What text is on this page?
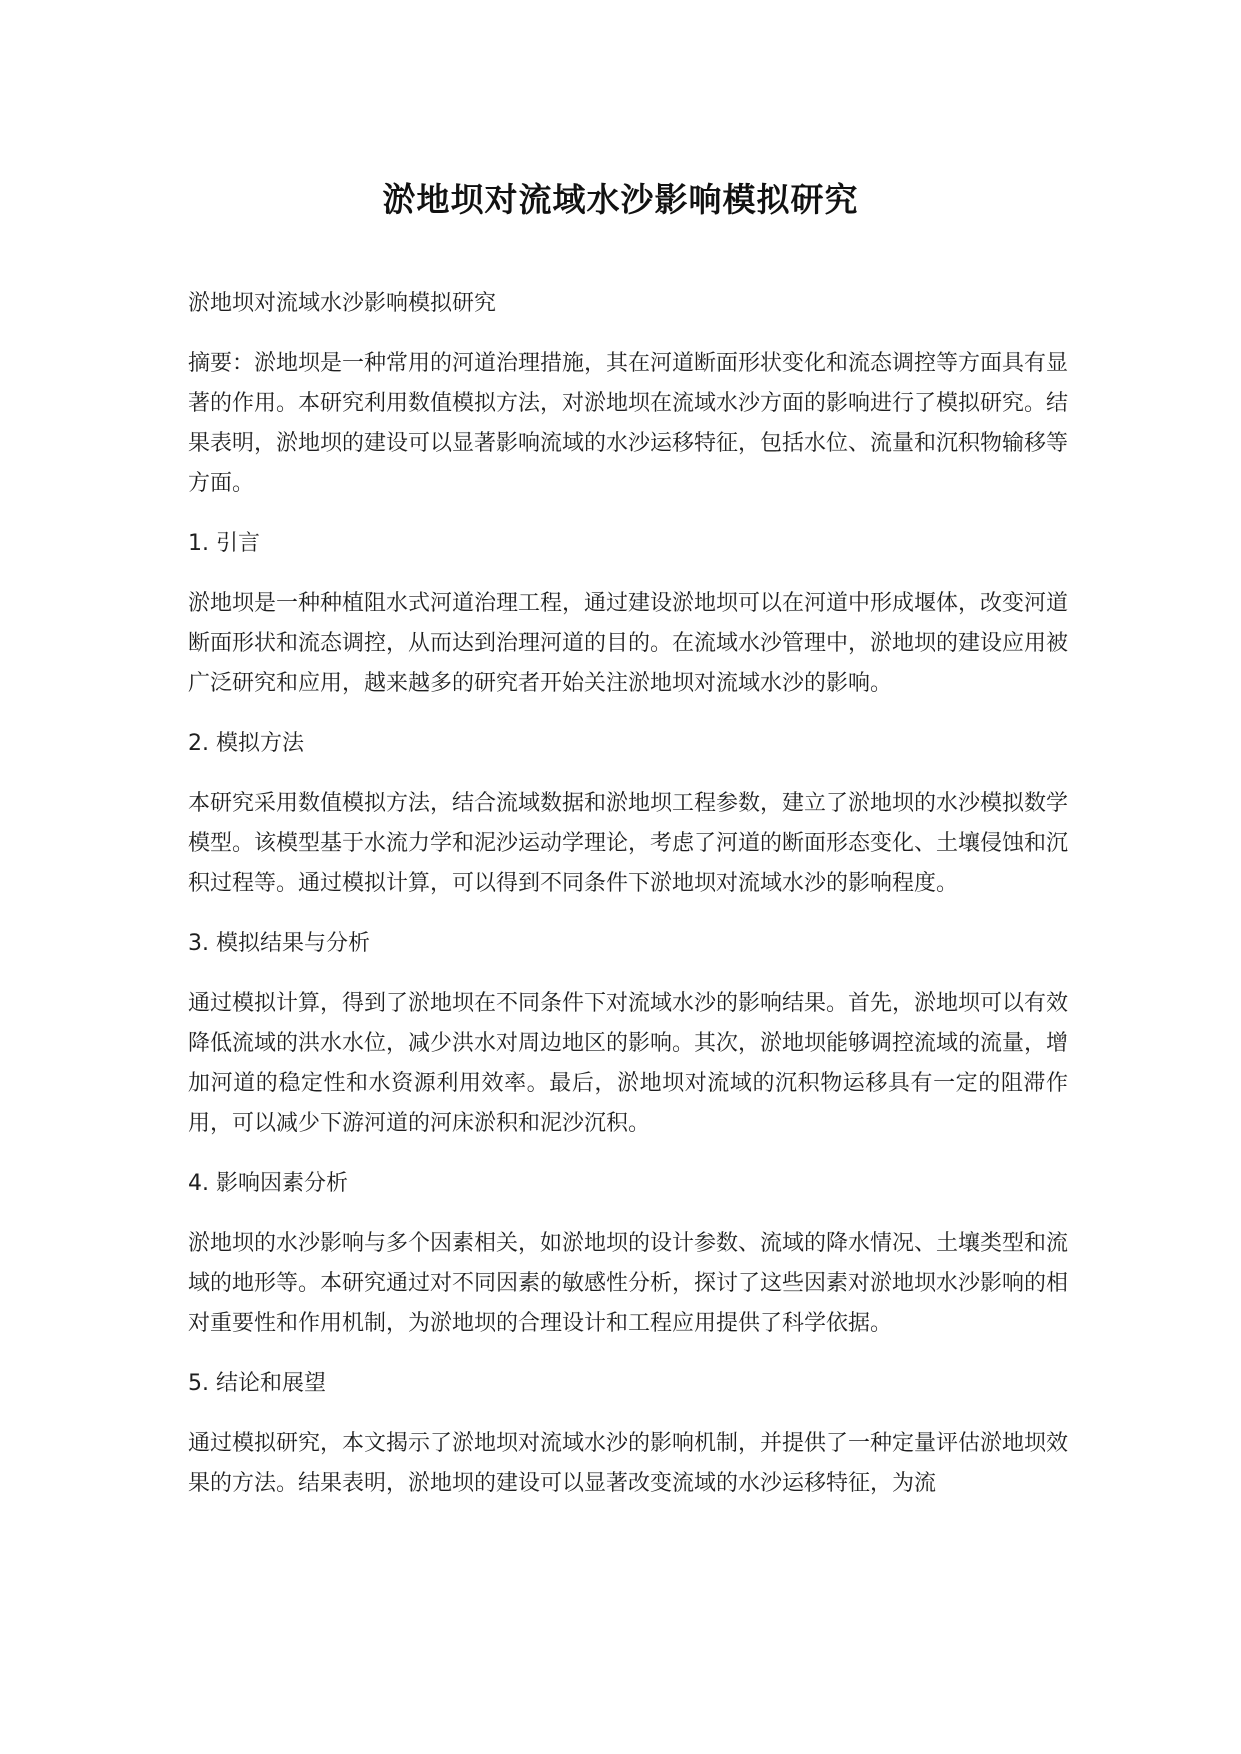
淤地坝对流域水沙影响模拟研究

淤地坝对流域水沙影响模拟研究

摘要：淤地坝是一种常用的河道治理措施，其在河道断面形状变化和流态调控等方面具有显著的作用。本研究利用数值模拟方法，对淤地坝在流域水沙方面的影响进行了模拟研究。结果表明，淤地坝的建设可以显著影响流域的水沙运移特征，包括水位、流量和沉积物输移等方面。

1. 引言

淤地坝是一种种植阻水式河道治理工程，通过建设淤地坝可以在河道中形成堰体，改变河道断面形状和流态调控，从而达到治理河道的目的。在流域水沙管理中，淤地坝的建设应用被广泛研究和应用，越来越多的研究者开始关注淤地坝对流域水沙的影响。

2. 模拟方法

本研究采用数值模拟方法，结合流域数据和淤地坝工程参数，建立了淤地坝的水沙模拟数学模型。该模型基于水流力学和泥沙运动学理论，考虑了河道的断面形态变化、土壤侵蚀和沉积过程等。通过模拟计算，可以得到不同条件下淤地坝对流域水沙的影响程度。

3. 模拟结果与分析

通过模拟计算，得到了淤地坝在不同条件下对流域水沙的影响结果。首先，淤地坝可以有效降低流域的洪水水位，减少洪水对周边地区的影响。其次，淤地坝能够调控流域的流量，增加河道的稳定性和水资源利用效率。最后，淤地坝对流域的沉积物运移具有一定的阻滞作用，可以减少下游河道的河床淤积和泥沙沉积。

4. 影响因素分析

淤地坝的水沙影响与多个因素相关，如淤地坝的设计参数、流域的降水情况、土壤类型和流域的地形等。本研究通过对不同因素的敏感性分析，探讨了这些因素对淤地坝水沙影响的相对重要性和作用机制，为淤地坝的合理设计和工程应用提供了科学依据。

5. 结论和展望

通过模拟研究，本文揭示了淤地坝对流域水沙的影响机制，并提供了一种定量评估淤地坝效果的方法。结果表明，淤地坝的建设可以显著改变流域的水沙运移特征，为流
